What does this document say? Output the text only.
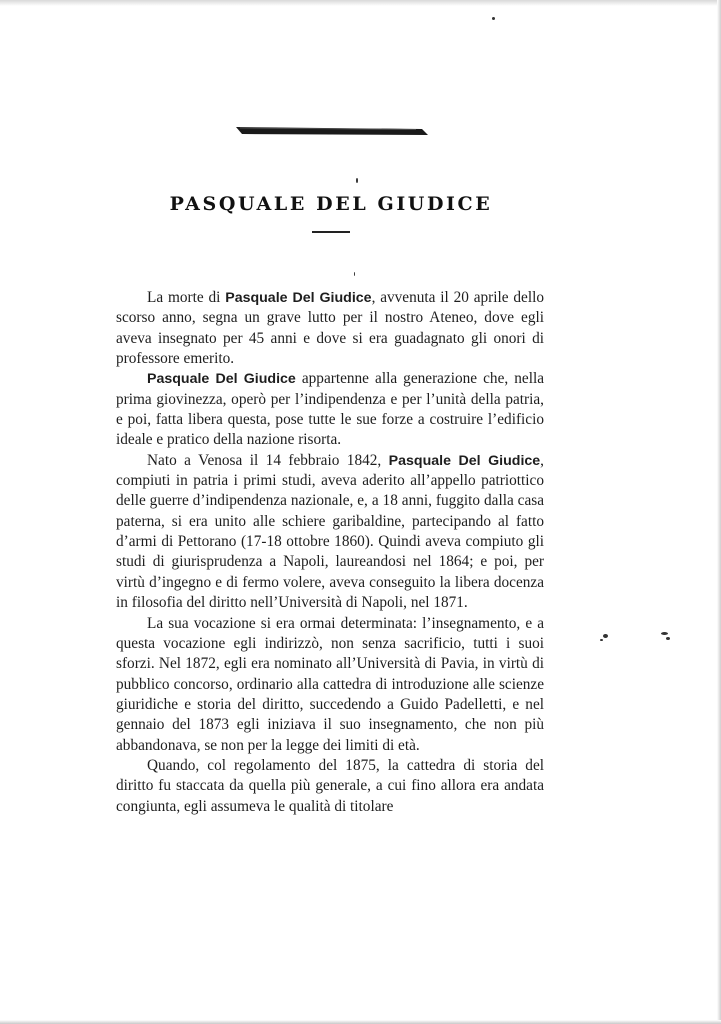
PASQUALE DEL GIUDICE

La morte di Pasquale Del Giudice, avvenuta il 20 aprile dello scorso anno, segna un grave lutto per il nostro Ateneo, dove egli aveva insegnato per 45 anni e dove si era guadagnato gli onori di professore emerito.

Pasquale Del Giudice appartenne alla generazione che, nella prima giovinezza, operò per l’indipendenza e per l’unità della patria, e poi, fatta libera questa, pose tutte le sue forze a costruire l’edificio ideale e pratico della nazione risorta.

Nato a Venosa il 14 febbraio 1842, Pasquale Del Giudice, compiuti in patria i primi studi, aveva aderito all’appello patriottico delle guerre d’indipendenza nazionale, e, a 18 anni, fuggito dalla casa paterna, si era unito alle schiere garibaldine, partecipando al fatto d’armi di Pettorano (17-18 ottobre 1860). Quindi aveva compiuto gli studi di giurisprudenza a Napoli, laureandosi nel 1864; e poi, per virtù d’ingegno e di fermo volere, aveva conseguito la libera docenza in filosofia del diritto nell’Università di Napoli, nel 1871.

La sua vocazione si era ormai determinata: l’insegnamento, e a questa vocazione egli indirizzò, non senza sacrificio, tutti i suoi sforzi. Nel 1872, egli era nominato all’Università di Pavia, in virtù di pubblico concorso, ordinario alla cattedra di introduzione alle scienze giuridiche e storia del diritto, succedendo a Guido Padelletti, e nel gennaio del 1873 egli iniziava il suo insegnamento, che non più abbandonava, se non per la legge dei limiti di età.

Quando, col regolamento del 1875, la cattedra di storia del diritto fu staccata da quella più generale, a cui fino allora era andata congiunta, egli assumeva le qualità di titolare
